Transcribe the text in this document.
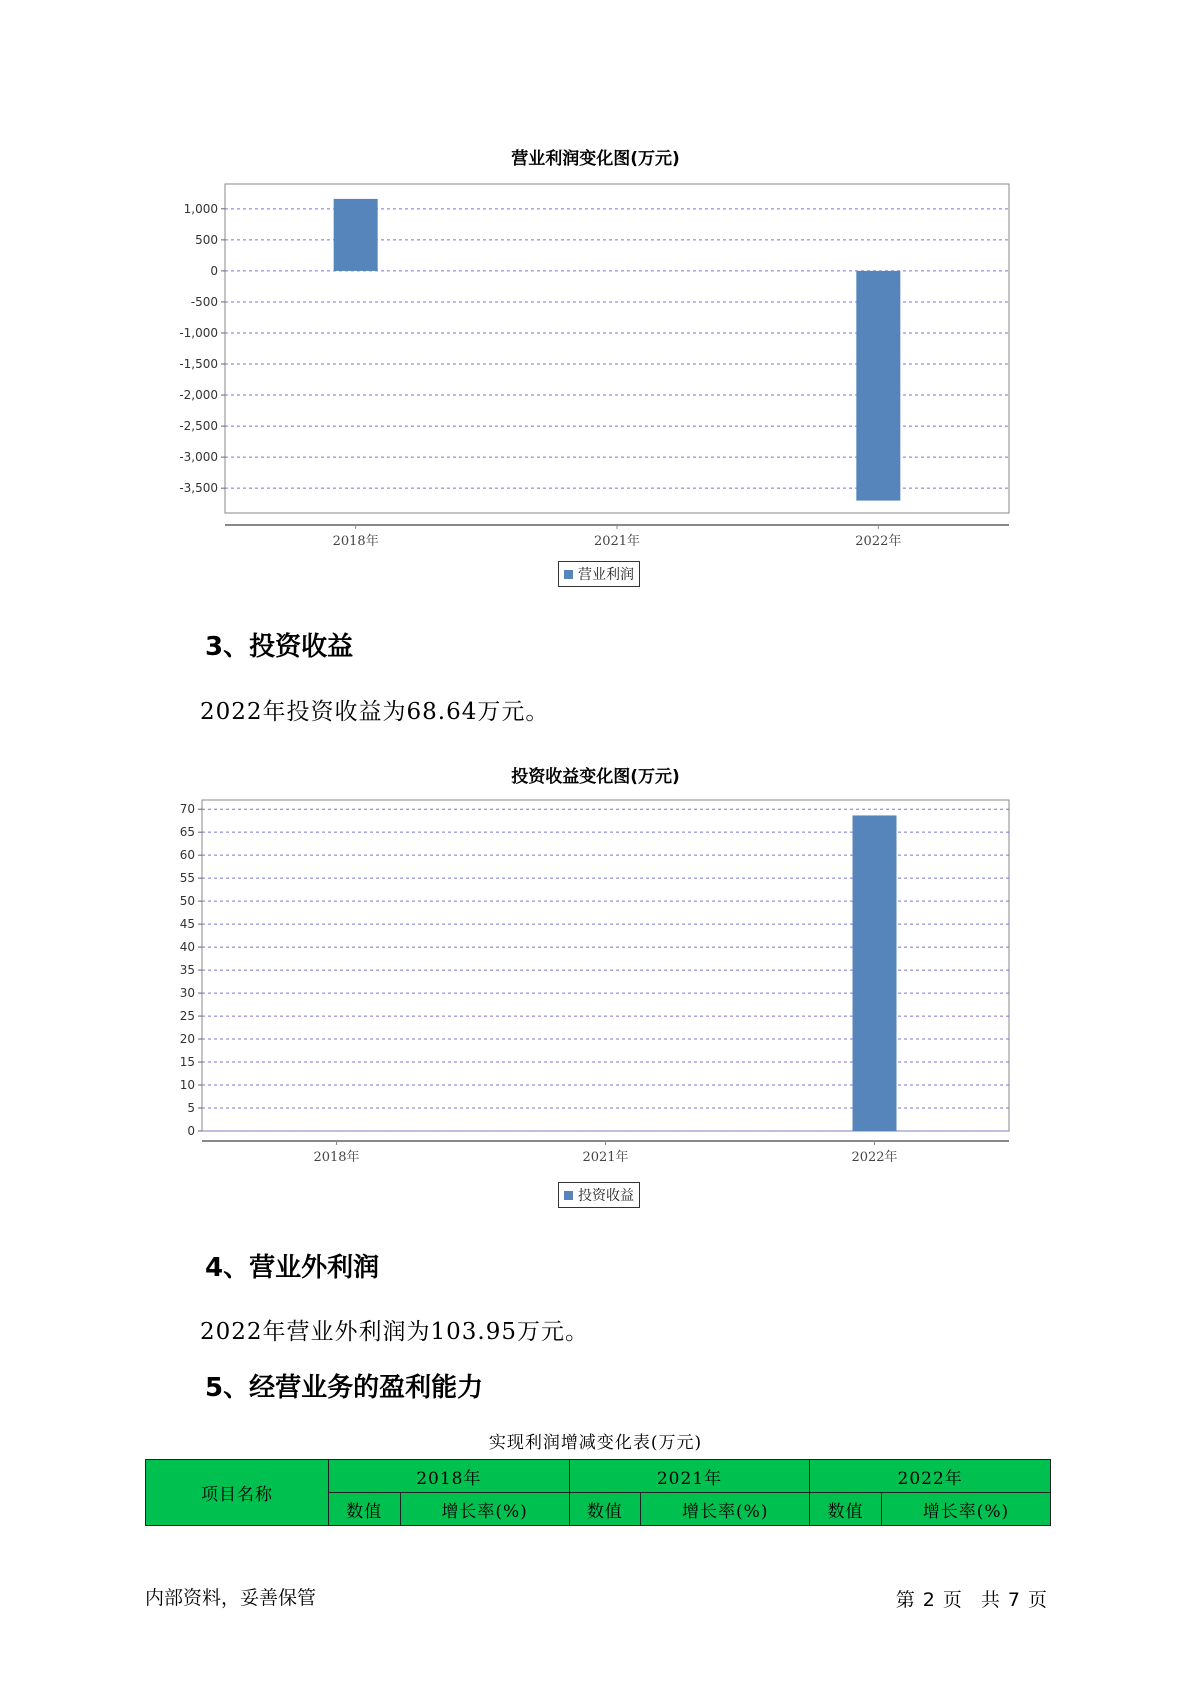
营业利润变化图(万元)
1,000
500
0
-500
-1,000
-1,500
-2,000
-2,500
-3,000
-3,500
2018年	2021年	2022年
营业利润
3、投资收益
2022年投资收益为68.64万元。
投资收益变化图(万元)
70
65
60
55
50
45
40
35
30
25
20
15
10
5
0
2018年	2021年	2022年
投资收益
4、营业外利润
2022年营业外利润为103.95万元。
5、经营业务的盈利能力
实现利润增减变化表(万元)
项目名称	2018年		2021年		2022年	
	数值	增长率(%)	数值	增长率(%)	数值	增长率(%)
内部资料，妥善保管	第 2 页　共 7 页
